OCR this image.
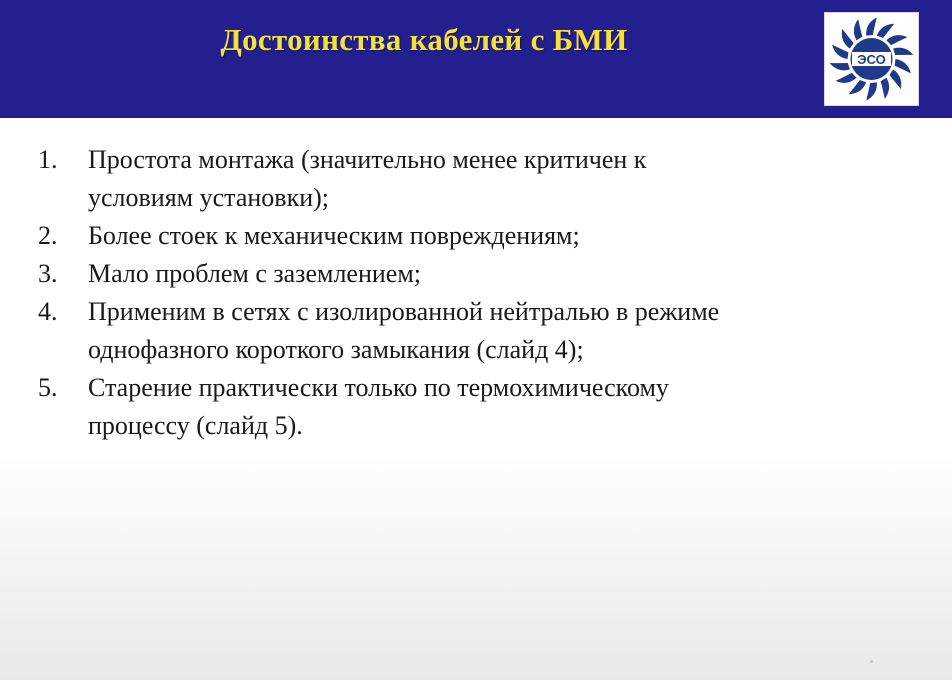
Достоинства кабелей с БМИ
ЭСО
1.	Простота монтажа (значительно менее критичен к
условиям установки);
2.	Более стоек к механическим повреждениям;
3.	Мало проблем с заземлением;
4.	Применим в сетях с изолированной нейтралью в режиме
однофазного короткого замыкания (слайд 4);
5.	Старение практически только по термохимическому
процессу (слайд 5).
